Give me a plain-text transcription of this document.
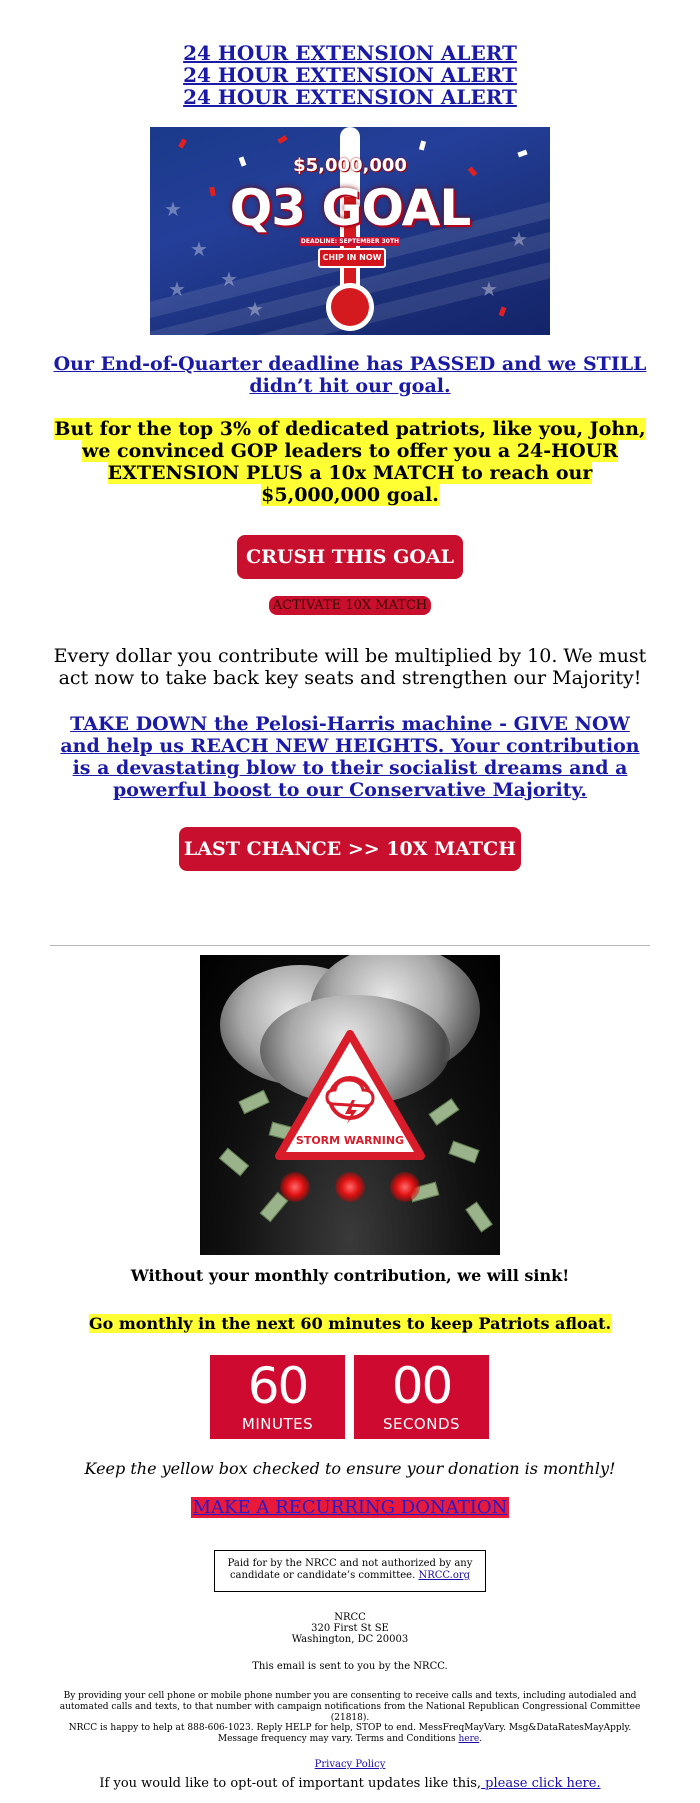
24 HOUR EXTENSION ALERT
24 HOUR EXTENSION ALERT
24 HOUR EXTENSION ALERT
★
★
★ ★
★
★
★
$5,000,000
Q3 GOAL
DEADLINE: SEPTEMBER 30TH
CHIP IN NOW
Our End-of-Quarter deadline has PASSED and we STILL didn’t hit our goal.
But for the top 3% of dedicated patriots, like you, John, we convinced GOP leaders to offer you a 24-HOUR EXTENSION PLUS a 10x MATCH to reach our $5,000,000 goal.
CRUSH THIS GOAL
ACTIVATE 10X MATCH
Every dollar you contribute will be multiplied by 10. We must act now to take back key seats and strengthen our Majority!
TAKE DOWN the Pelosi-Harris machine - GIVE NOW and help us REACH NEW HEIGHTS. Your contribution is a devastating blow to their socialist dreams and a powerful boost to our Conservative Majority.
LAST CHANCE >> 10X MATCH
STORM WARNING
Without your monthly contribution, we will sink!
Go monthly in the next 60 minutes to keep Patriots afloat.
60
MINUTES
00
SECONDS
Keep the yellow box checked to ensure your donation is monthly!
MAKE A RECURRING DONATION
Paid for by the NRCC and not authorized by any candidate or candidate’s committee. NRCC.org
NRCC
320 First St SE
Washington, DC 20003
This email is sent to you by the NRCC.
By providing your cell phone or mobile phone number you are consenting to receive calls and texts, including autodialed and automated calls and texts, to that number with campaign notifications from the National Republican Congressional Committee (21818).
NRCC is happy to help at 888-606-1023. Reply HELP for help, STOP to end. MessFreqMayVary. Msg&DataRatesMayApply. Message frequency may vary. Terms and Conditions here.
Privacy Policy
If you would like to opt-out of important updates like this, please click here.
